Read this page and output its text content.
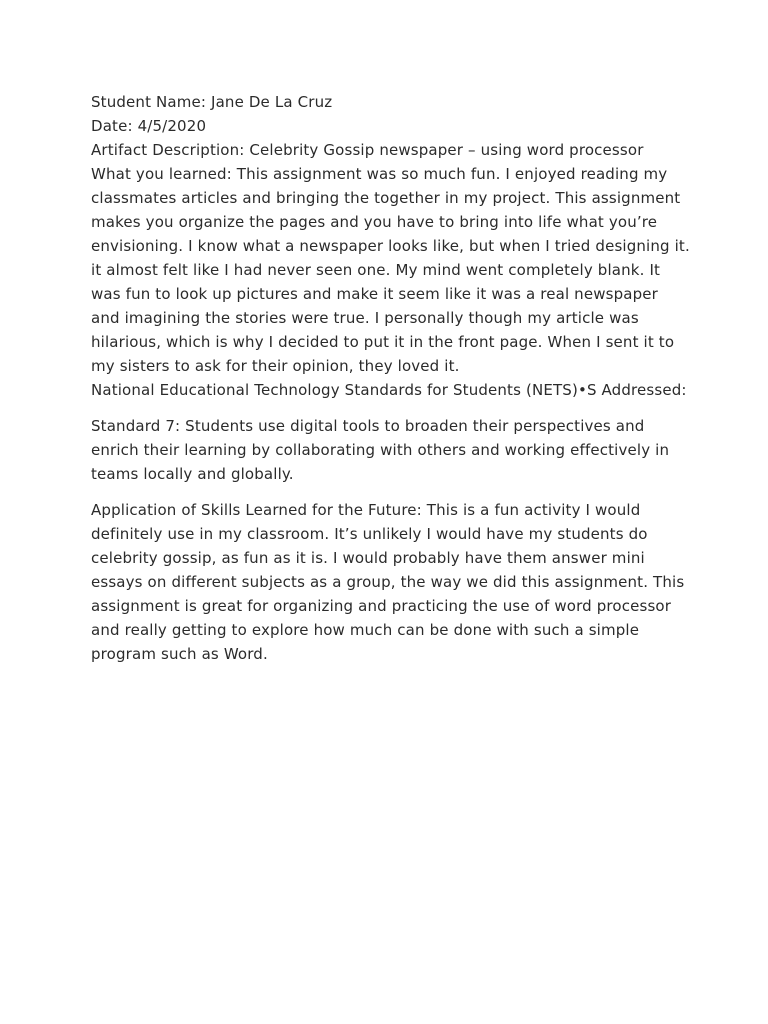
Student Name: Jane De La Cruz

Date: 4/5/2020

Artifact Description: Celebrity Gossip newspaper – using word processor

What you learned: This assignment was so much fun. I enjoyed reading my classmates articles and bringing the together in my project. This assignment makes you organize the pages and you have to bring into life what you’re envisioning. I know what a newspaper looks like, but when I tried designing it. it almost felt like I had never seen one. My mind went completely blank. It was fun to look up pictures and make it seem like it was a real newspaper and imagining the stories were true. I personally though my article was hilarious, which is why I decided to put it in the front page. When I sent it to my sisters to ask for their opinion, they loved it.

National Educational Technology Standards for Students (NETS)•S Addressed:

Standard 7: Students use digital tools to broaden their perspectives and enrich their learning by collaborating with others and working effectively in teams locally and globally.

Application of Skills Learned for the Future: This is a fun activity I would definitely use in my classroom. It’s unlikely I would have my students do celebrity gossip, as fun as it is. I would probably have them answer mini essays on different subjects as a group, the way we did this assignment. This assignment is great for organizing and practicing the use of word processor and really getting to explore how much can be done with such a simple program such as Word.
